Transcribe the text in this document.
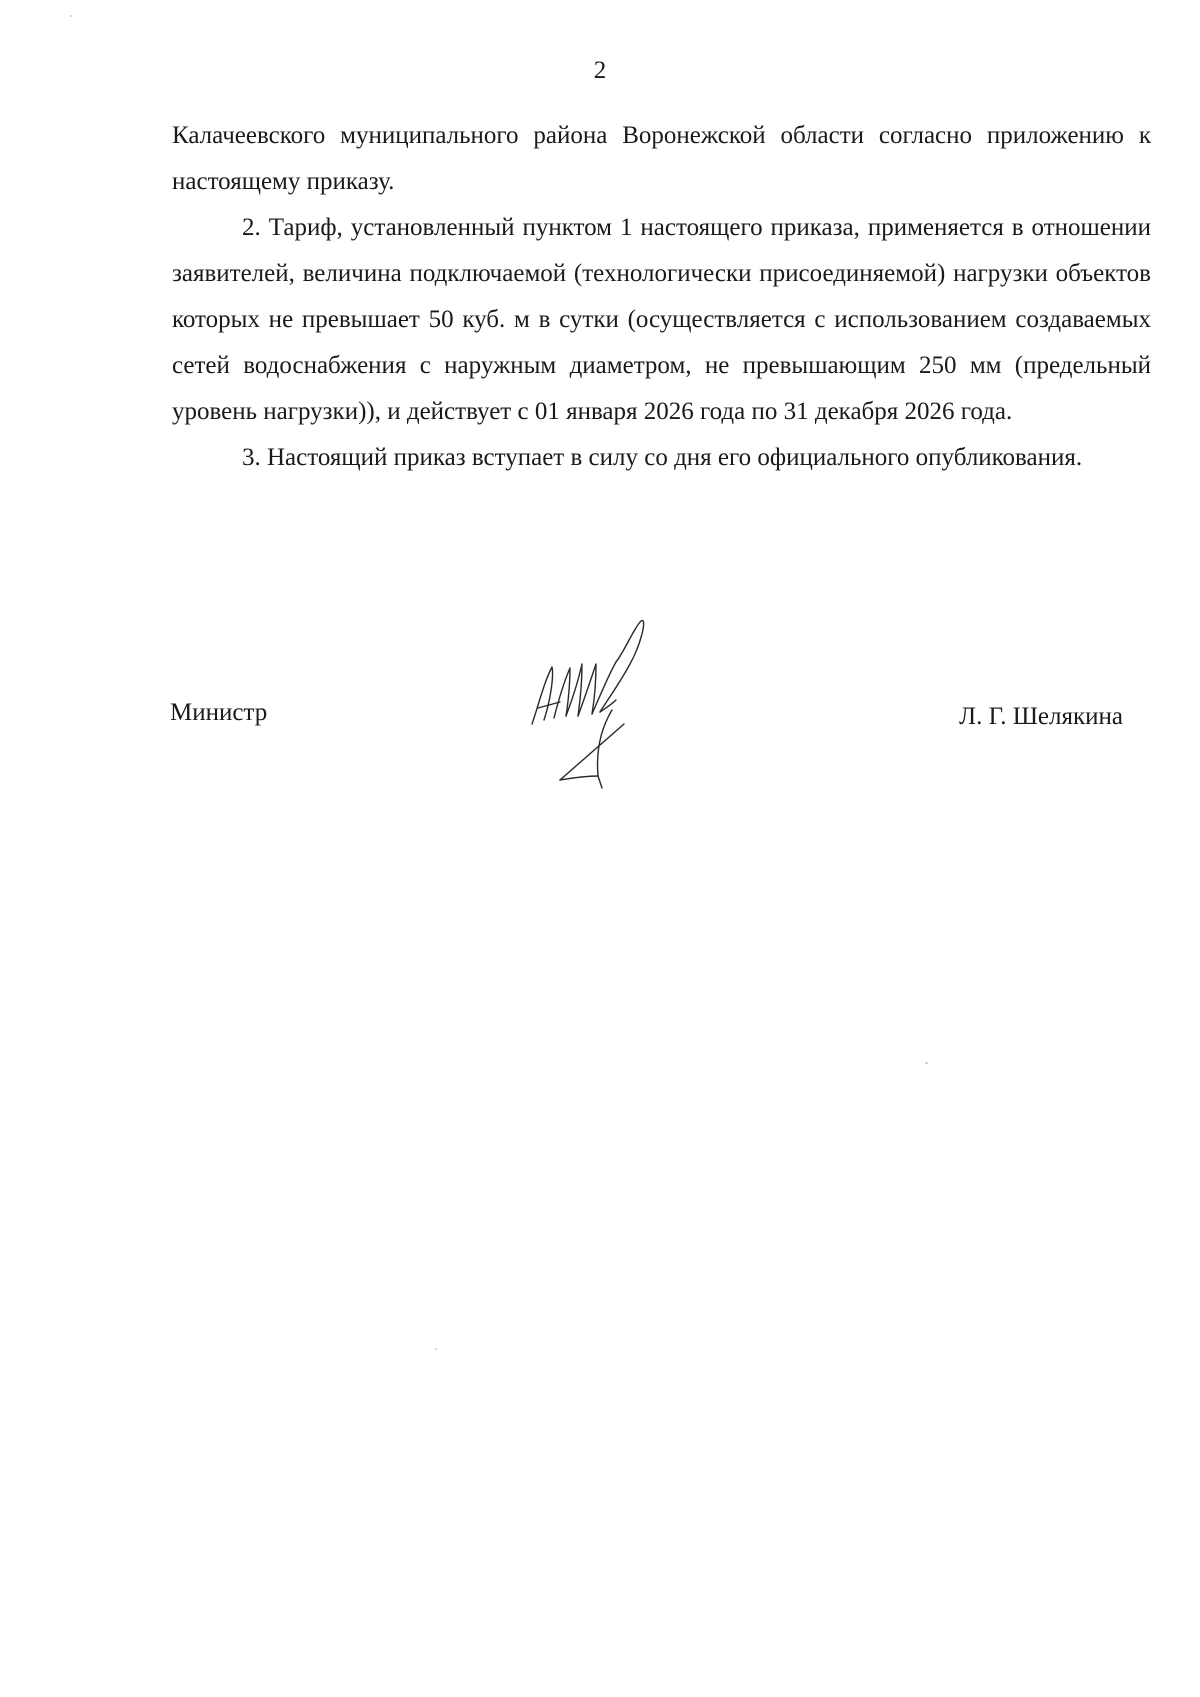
2

Калачеевского муниципального района Воронежской области согласно приложению к настоящему приказу.

2. Тариф, установленный пунктом 1 настоящего приказа, применяется в отношении заявителей, величина подключаемой (технологически присоединяемой) нагрузки объектов которых не превышает 50 куб. м в сутки (осуществляется с использованием создаваемых сетей водоснабжения с наружным диаметром, не превышающим 250 мм (предельный уровень нагрузки)), и действует с 01 января 2026 года по 31 декабря 2026 года.

3. Настоящий приказ вступает в силу со дня его официального опубликования.

Министр	Л. Г. Шелякина
